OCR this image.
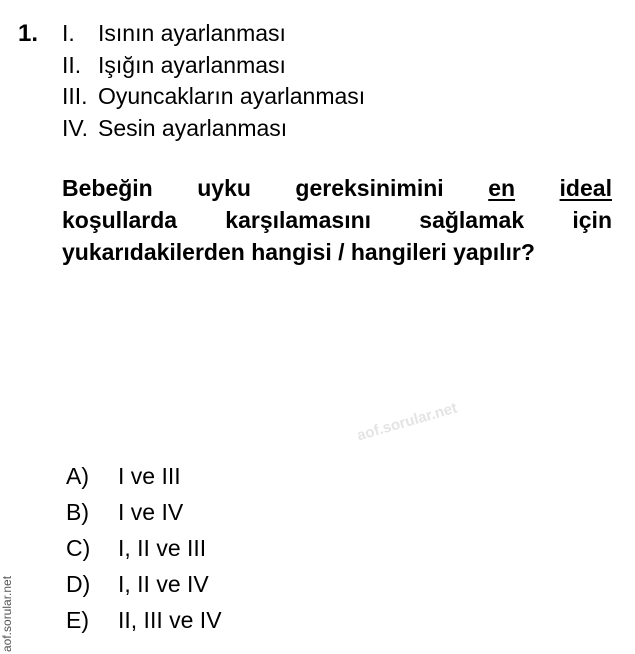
1. I.	Isının ayarlanması
II. Işığın ayarlanması
III. Oyuncakların ayarlanması
IV. Sesin ayarlanması
Bebeğin uyku gereksinimini en ideal
koşullarda karşılamasını sağlamak için
yukarıdakilerden hangisi / hangileri yapılır?
aof.sorular.net
A)	I ve III
B)	I ve IV
C)	I, II ve III
D)	I, II ve IV
E)	II, III ve IV
aof.sorular.net
